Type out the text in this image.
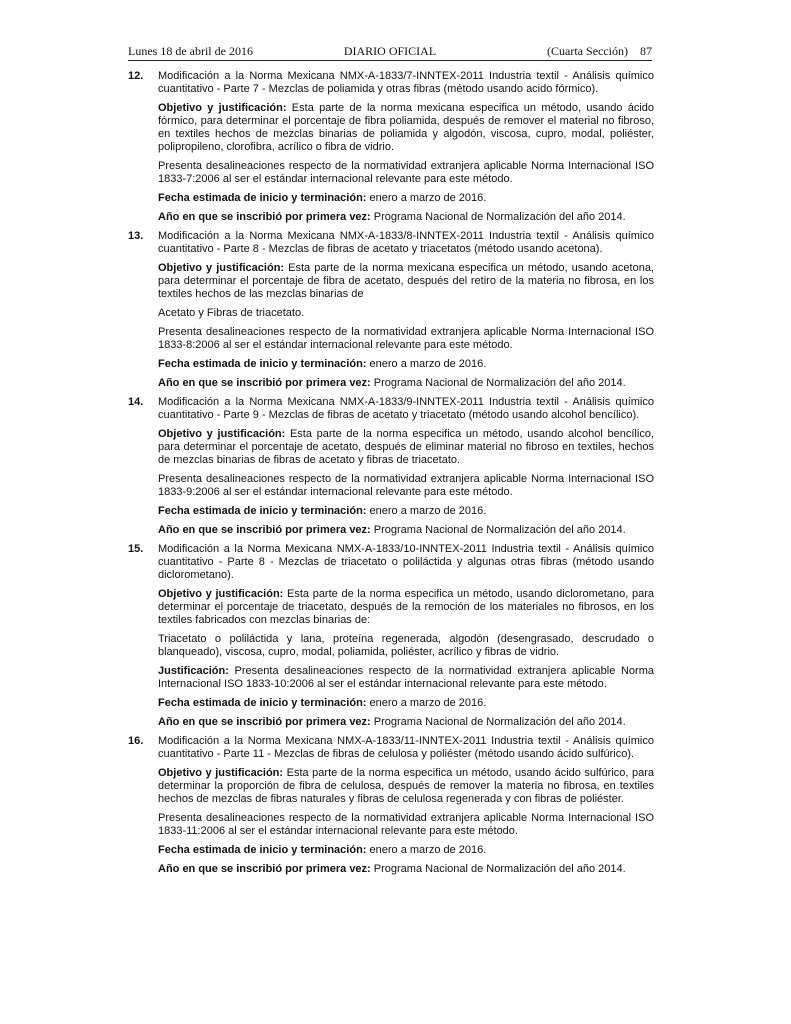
Lunes 18 de abril de 2016	DIARIO OFICIAL	(Cuarta Sección) 87
12. Modificación a la Norma Mexicana NMX-A-1833/7-INNTEX-2011 Industria textil - Análisis químico cuantitativo - Parte 7 - Mezclas de poliamida y otras fibras (método usando acido fórmico).

Objetivo y justificación: Esta parte de la norma mexicana especifica un método, usando ácido fórmico, para determinar el porcentaje de fibra poliamida, después de remover el material no fibroso, en textiles hechos de mezclas binarias de poliamida y algodón, viscosa, cupro, modal, poliéster, polipropileno, clorofibra, acrílico o fibra de vidrio.

Presenta desalineaciones respecto de la normatividad extranjera aplicable Norma Internacional ISO 1833-7:2006 al ser el estándar internacional relevante para este método.

Fecha estimada de inicio y terminación: enero a marzo de 2016.

Año en que se inscribió por primera vez: Programa Nacional de Normalización del año 2014.

13. Modificación a la Norma Mexicana NMX-A-1833/8-INNTEX-2011 Industria textil - Análisis químico cuantitativo - Parte 8 - Mezclas de fibras de acetato y triacetatos (método usando acetona).

Objetivo y justificación: Esta parte de la norma mexicana especifica un método, usando acetona, para determinar el porcentaje de fibra de acetato, después del retiro de la materia no fibrosa, en los textiles hechos de las mezclas binarias de

Acetato y Fibras de triacetato.

Presenta desalineaciones respecto de la normatividad extranjera aplicable Norma Internacional ISO 1833-8:2006 al ser el estándar internacional relevante para este método.

Fecha estimada de inicio y terminación: enero a marzo de 2016.

Año en que se inscribió por primera vez: Programa Nacional de Normalización del año 2014.

14. Modificación a la Norma Mexicana NMX-A-1833/9-INNTEX-2011 Industria textil - Análisis químico cuantitativo - Parte 9 - Mezclas de fibras de acetato y triacetato (método usando alcohol bencílico).

Objetivo y justificación: Esta parte de la norma especifica un método, usando alcohol bencílico, para determinar el porcentaje de acetato, después de eliminar material no fibroso en textiles, hechos de mezclas binarias de fibras de acetato y fibras de triacetato.

Presenta desalineaciones respecto de la normatividad extranjera aplicable Norma Internacional ISO 1833-9:2006 al ser el estándar internacional relevante para este método.

Fecha estimada de inicio y terminación: enero a marzo de 2016.

Año en que se inscribió por primera vez: Programa Nacional de Normalización del año 2014.

15. Modificación a la Norma Mexicana NMX-A-1833/10-INNTEX-2011 Industria textil - Análisis químico cuantitativo - Parte 8 - Mezclas de triacetato o poliláctida y algunas otras fibras (método usando diclorometano).

Objetivo y justificación: Esta parte de la norma especifica un método, usando diclorometano, para determinar el porcentaje de triacetato, después de la remoción de los materiales no fibrosos, en los textiles fabricados con mezclas binarias de:

Triacetato o poliláctida y lana, proteína regenerada, algodón (desengrasado, descrudado o blanqueado), viscosa, cupro, modal, poliamida, poliéster, acrílico y fibras de vidrio.

Justificación: Presenta desalineaciones respecto de la normatividad extranjera aplicable Norma Internacional ISO 1833-10:2006 al ser el estándar internacional relevante para este método.

Fecha estimada de inicio y terminación: enero a marzo de 2016.

Año en que se inscribió por primera vez: Programa Nacional de Normalización del año 2014.

16. Modificación a la Norma Mexicana NMX-A-1833/11-INNTEX-2011 Industria textil - Análisis químico cuantitativo - Parte 11 - Mezclas de fibras de celulosa y poliéster (método usando ácido sulfúrico).

Objetivo y justificación: Esta parte de la norma especifica un método, usando ácido sulfúrico, para determinar la proporción de fibra de celulosa, después de remover la materia no fibrosa, en textiles hechos de mezclas de fibras naturales y fibras de celulosa regenerada y con fibras de poliéster.

Presenta desalineaciones respecto de la normatividad extranjera aplicable Norma Internacional ISO 1833-11:2006 al ser el estándar internacional relevante para este método.

Fecha estimada de inicio y terminación: enero a marzo de 2016.

Año en que se inscribió por primera vez: Programa Nacional de Normalización del año 2014.
